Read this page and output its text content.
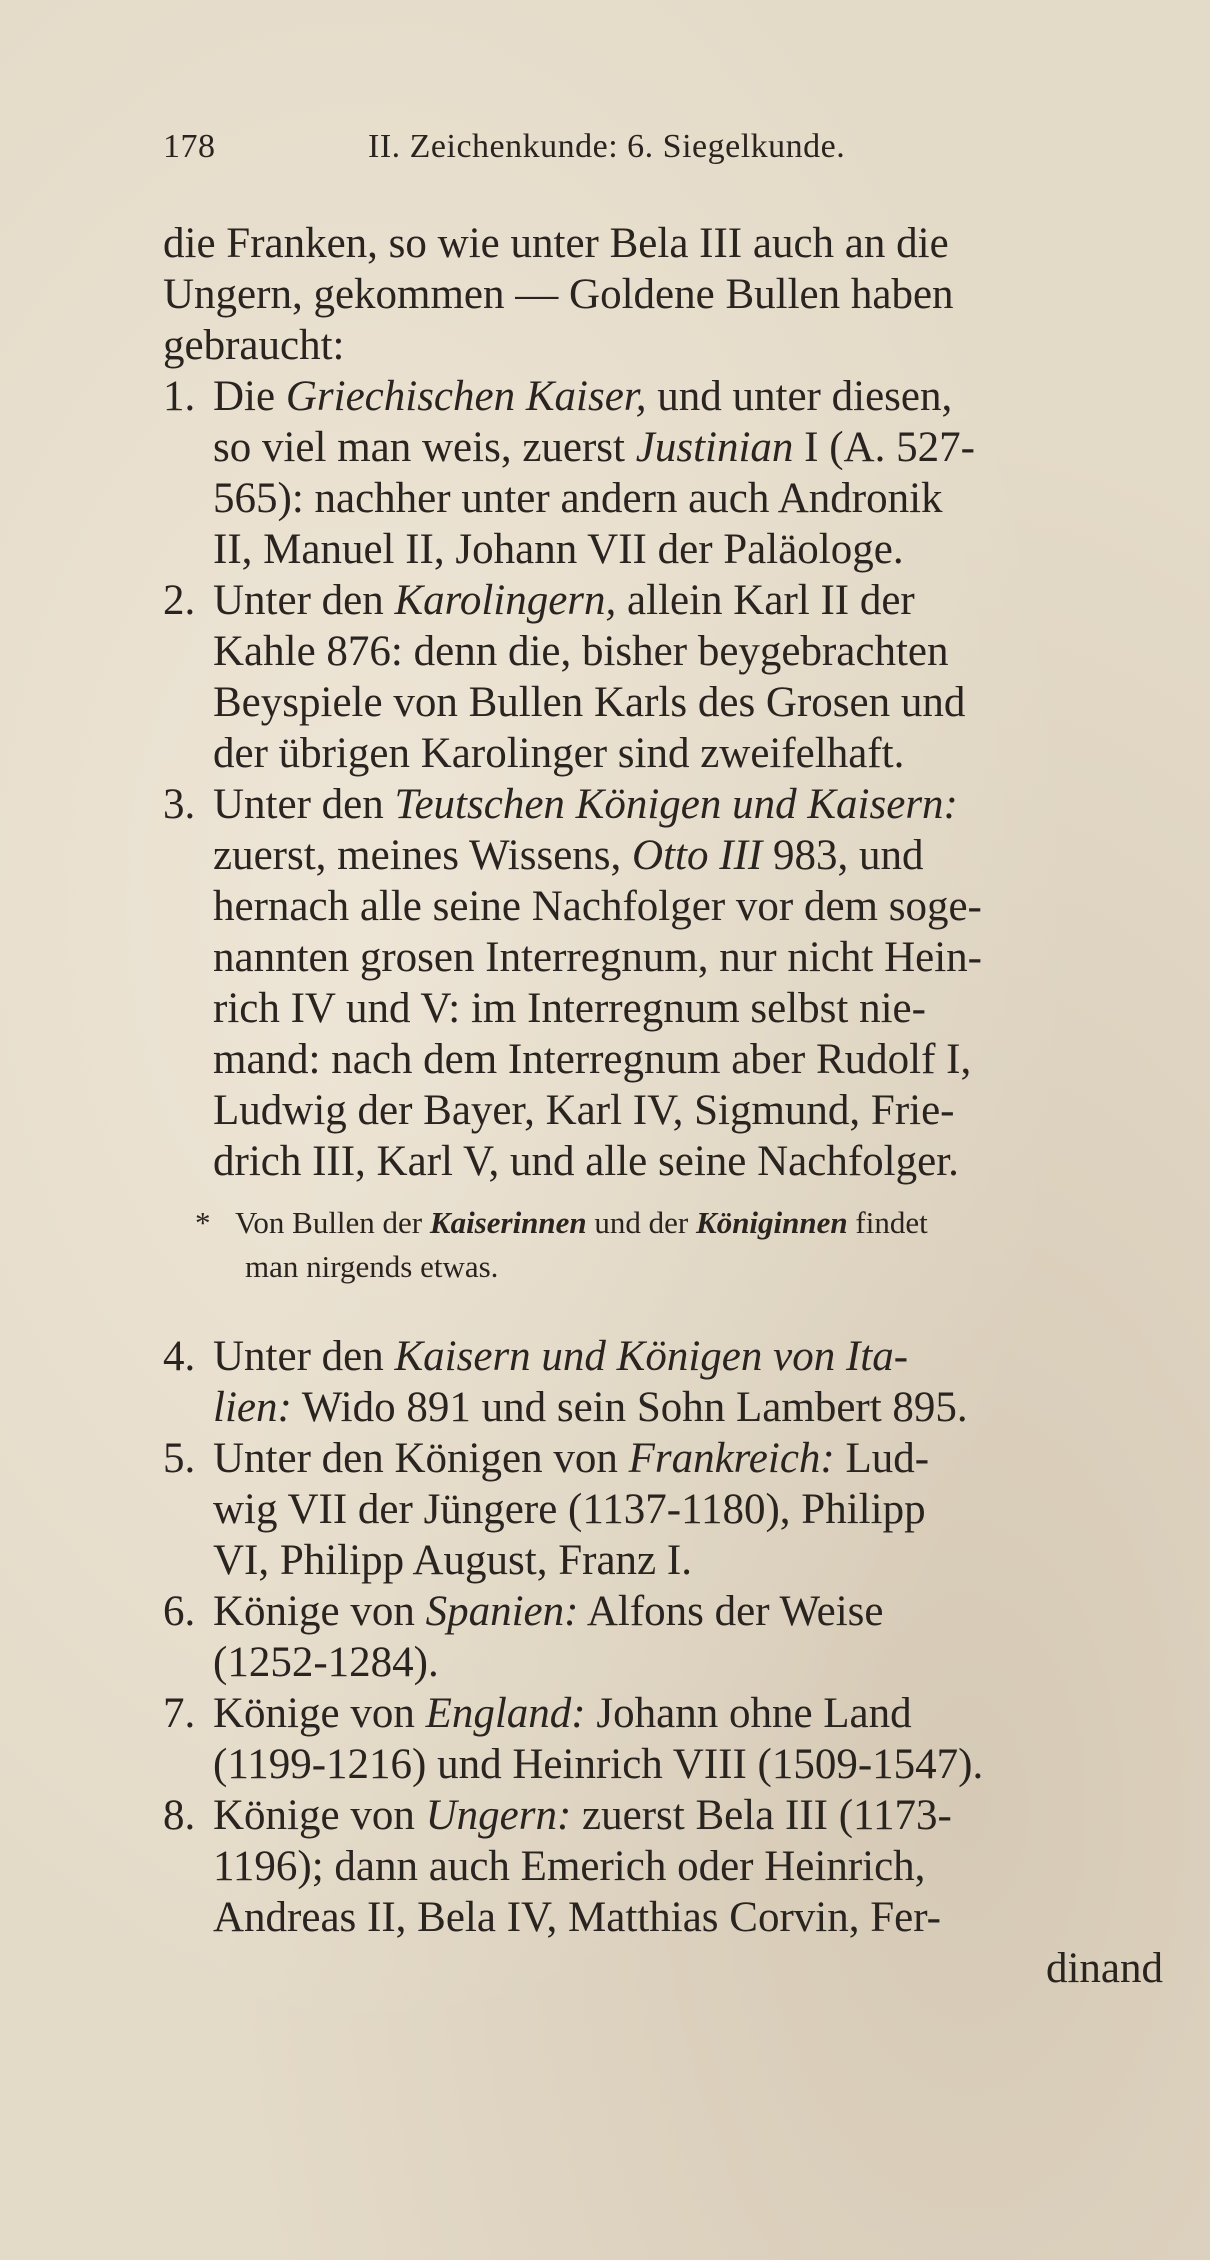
178	II. Zeichenkunde: 6. Siegelkunde.
die Franken, so wie unter Bela III auch an die
Ungern, gekommen — Goldene Bullen haben
gebraucht:
1. Die Griechischen Kaiser, und unter diesen,
so viel man weis, zuerst Justinian I (A. 527-
565): nachher unter andern auch Andronik
II, Manuel II, Johann VII der Paläologe.
2. Unter den Karolingern, allein Karl II der
Kahle 876: denn die, bisher beygebrachten
Beyspiele von Bullen Karls des Grosen und
der übrigen Karolinger sind zweifelhaft.
3. Unter den Teutschen Königen und Kaisern:
zuerst, meines Wissens, Otto III 983, und
hernach alle seine Nachfolger vor dem soge-
nannten grosen Interregnum, nur nicht Hein-
rich IV und V: im Interregnum selbst nie-
mand: nach dem Interregnum aber Rudolf I,
Ludwig der Bayer, Karl IV, Sigmund, Frie-
drich III, Karl V, und alle seine Nachfolger.
* Von Bullen der Kaiserinnen und der Königinnen findet
man nirgends etwas.
4. Unter den Kaisern und Königen von Ita-
lien: Wido 891 und sein Sohn Lambert 895.
5. Unter den Königen von Frankreich: Lud-
wig VII der Jüngere (1137-1180), Philipp
VI, Philipp August, Franz I.
6. Könige von Spanien: Alfons der Weise
(1252-1284).
7. Könige von England: Johann ohne Land
(1199-1216) und Heinrich VIII (1509-1547).
8. Könige von Ungern: zuerst Bela III (1173-
1196); dann auch Emerich oder Heinrich,
Andreas II, Bela IV, Matthias Corvin, Fer-
dinand
